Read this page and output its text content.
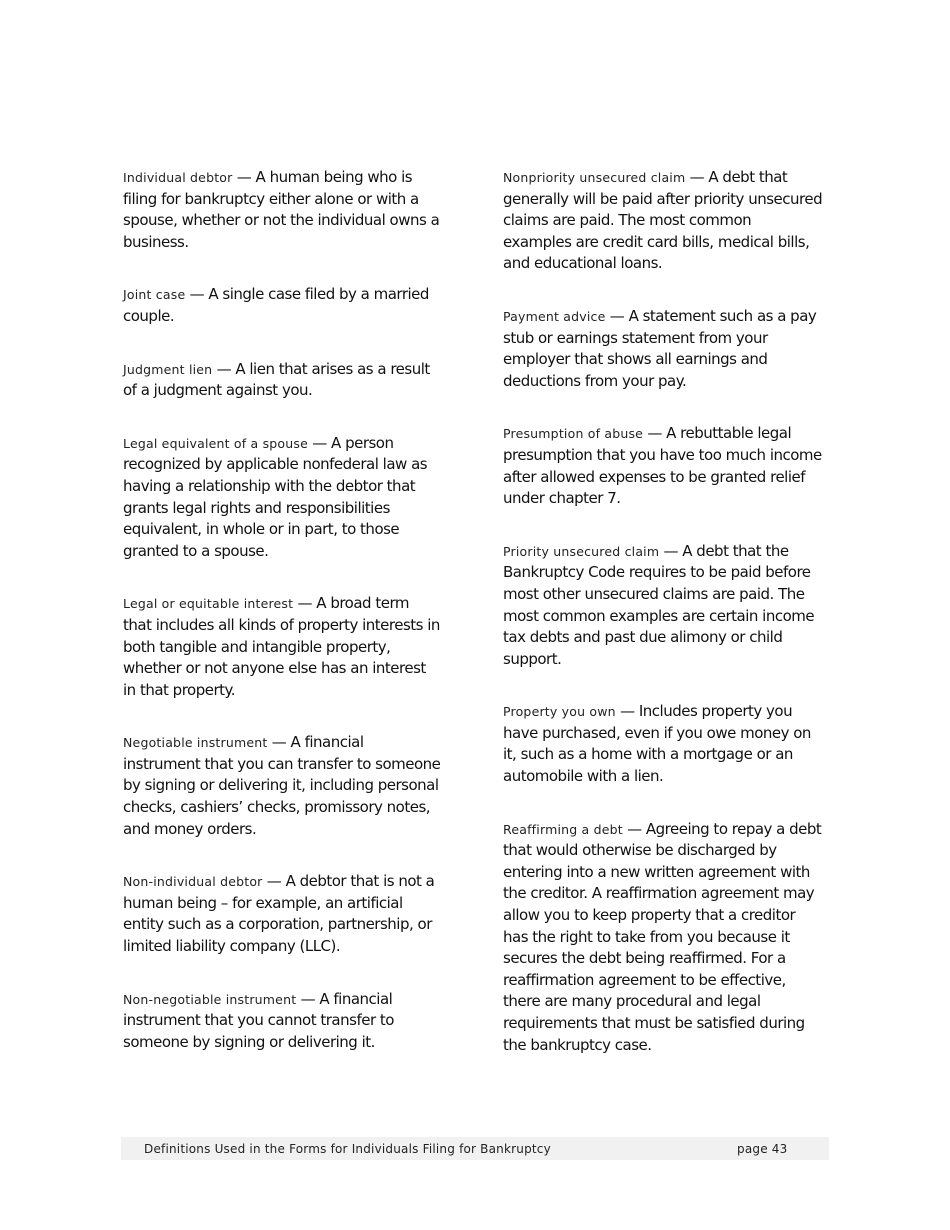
Individual debtor — A human being who is filing for bankruptcy either alone or with a spouse, whether or not the individual owns a business.
Joint case — A single case filed by a married couple.
Judgment lien — A lien that arises as a result of a judgment against you.
Legal equivalent of a spouse — A person recognized by applicable nonfederal law as having a relationship with the debtor that grants legal rights and responsibilities equivalent, in whole or in part, to those granted to a spouse.
Legal or equitable interest — A broad term that includes all kinds of property interests in both tangible and intangible property, whether or not anyone else has an interest in that property.
Negotiable instrument — A financial instrument that you can transfer to someone by signing or delivering it, including personal checks, cashiers’ checks, promissory notes, and money orders.
Non-individual debtor — A debtor that is not a human being – for example, an artificial entity such as a corporation, partnership, or limited liability company (LLC).
Non-negotiable instrument — A financial instrument that you cannot transfer to someone by signing or delivering it.
Nonpriority unsecured claim — A debt that generally will be paid after priority unsecured claims are paid. The most common examples are credit card bills, medical bills, and educational loans.
Payment advice — A statement such as a pay stub or earnings statement from your employer that shows all earnings and deductions from your pay.
Presumption of abuse — A rebuttable legal presumption that you have too much income after allowed expenses to be granted relief under chapter 7.
Priority unsecured claim — A debt that the Bankruptcy Code requires to be paid before most other unsecured claims are paid. The most common examples are certain income tax debts and past due alimony or child support.
Property you own — Includes property you have purchased, even if you owe money on it, such as a home with a mortgage or an automobile with a lien.
Reaffirming a debt — Agreeing to repay a debt that would otherwise be discharged by entering into a new written agreement with the creditor. A reaffirmation agreement may allow you to keep property that a creditor has the right to take from you because it secures the debt being reaffirmed. For a reaffirmation agreement to be effective, there are many procedural and legal requirements that must be satisfied during the bankruptcy case.
Definitions Used in the Forms for Individuals Filing for Bankruptcy	page 43
